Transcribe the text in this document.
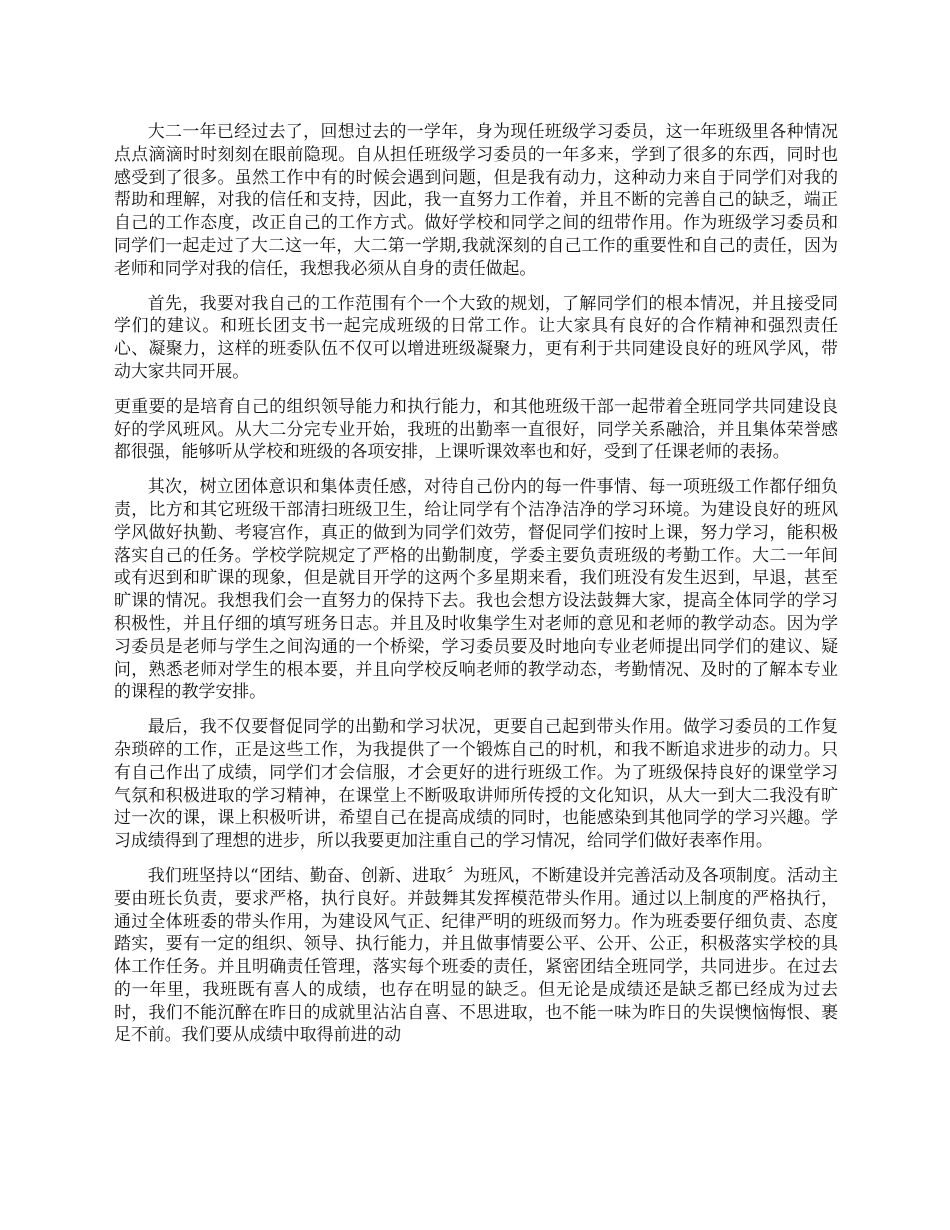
大二一年已经过去了，回想过去的一学年，身为现任班级学习委员，这一年班级里各种情况点点滴滴时时刻刻在眼前隐现。自从担任班级学习委员的一年多来，学到了很多的东西，同时也感受到了很多。虽然工作中有的时候会遇到问题，但是我有动力，这种动力来自于同学们对我的帮助和理解，对我的信任和支持，因此，我一直努力工作着，并且不断的完善自己的缺乏，端正自己的工作态度，改正自己的工作方式。做好学校和同学之间的纽带作用。作为班级学习委员和同学们一起走过了大二这一年，大二第一学期,我就深刻的自己工作的重要性和自己的责任，因为老师和同学对我的信任，我想我必须从自身的责任做起。

首先，我要对我自己的工作范围有个一个大致的规划，了解同学们的根本情况，并且接受同学们的建议。和班长团支书一起完成班级的日常工作。让大家具有良好的合作精神和强烈责任心、凝聚力，这样的班委队伍不仅可以增进班级凝聚力，更有利于共同建设良好的班风学风，带动大家共同开展。

更重要的是培育自己的组织领导能力和执行能力，和其他班级干部一起带着全班同学共同建设良好的学风班风。从大二分完专业开始，我班的出勤率一直很好，同学关系融洽，并且集体荣誉感都很强，能够听从学校和班级的各项安排，上课听课效率也和好，受到了任课老师的表扬。

其次，树立团体意识和集体责任感，对待自己份内的每一件事情、每一项班级工作都仔细负责，比方和其它班级干部清扫班级卫生，给让同学有个洁净洁净的学习环境。为建设良好的班风学风做好执勤、考寝宫作，真正的做到为同学们效劳，督促同学们按时上课，努力学习，能积极落实自己的任务。学校学院规定了严格的出勤制度，学委主要负责班级的考勤工作。大二一年间或有迟到和旷课的现象，但是就目开学的这两个多星期来看，我们班没有发生迟到，早退，甚至旷课的情况。我想我们会一直努力的保持下去。我也会想方设法鼓舞大家，提高全体同学的学习积极性，并且仔细的填写班务日志。并且及时收集学生对老师的意见和老师的教学动态。因为学习委员是老师与学生之间沟通的一个桥梁，学习委员要及时地向专业老师提出同学们的建议、疑问，熟悉老师对学生的根本要，并且向学校反响老师的教学动态，考勤情况、及时的了解本专业的课程的教学安排。

最后，我不仅要督促同学的出勤和学习状况，更要自己起到带头作用。做学习委员的工作复杂琐碎的工作，正是这些工作，为我提供了一个锻炼自己的时机，和我不断追求进步的动力。只有自己作出了成绩，同学们才会信服，才会更好的进行班级工作。为了班级保持良好的课堂学习气氛和积极进取的学习精神，在课堂上不断吸取讲师所传授的文化知识，从大一到大二我没有旷过一次的课，课上积极听讲，希望自己在提高成绩的同时，也能感染到其他同学的学习兴趣。学习成绩得到了理想的进步，所以我要更加注重自己的学习情况，给同学们做好表率作用。

我们班坚持以“团结、勤奋、创新、进取〞为班风，不断建设并完善活动及各项制度。活动主要由班长负责，要求严格，执行良好。并鼓舞其发挥模范带头作用。通过以上制度的严格执行，通过全体班委的带头作用，为建设风气正、纪律严明的班级而努力。作为班委要仔细负责、态度踏实，要有一定的组织、领导、执行能力，并且做事情要公平、公开、公正，积极落实学校的具体工作任务。并且明确责任管理，落实每个班委的责任，紧密团结全班同学，共同进步。在过去的一年里，我班既有喜人的成绩，也存在明显的缺乏。但无论是成绩还是缺乏都已经成为过去时，我们不能沉醉在昨日的成就里沾沾自喜、不思进取，也不能一味为昨日的失误懊恼悔恨、裹足不前。我们要从成绩中取得前进的动
